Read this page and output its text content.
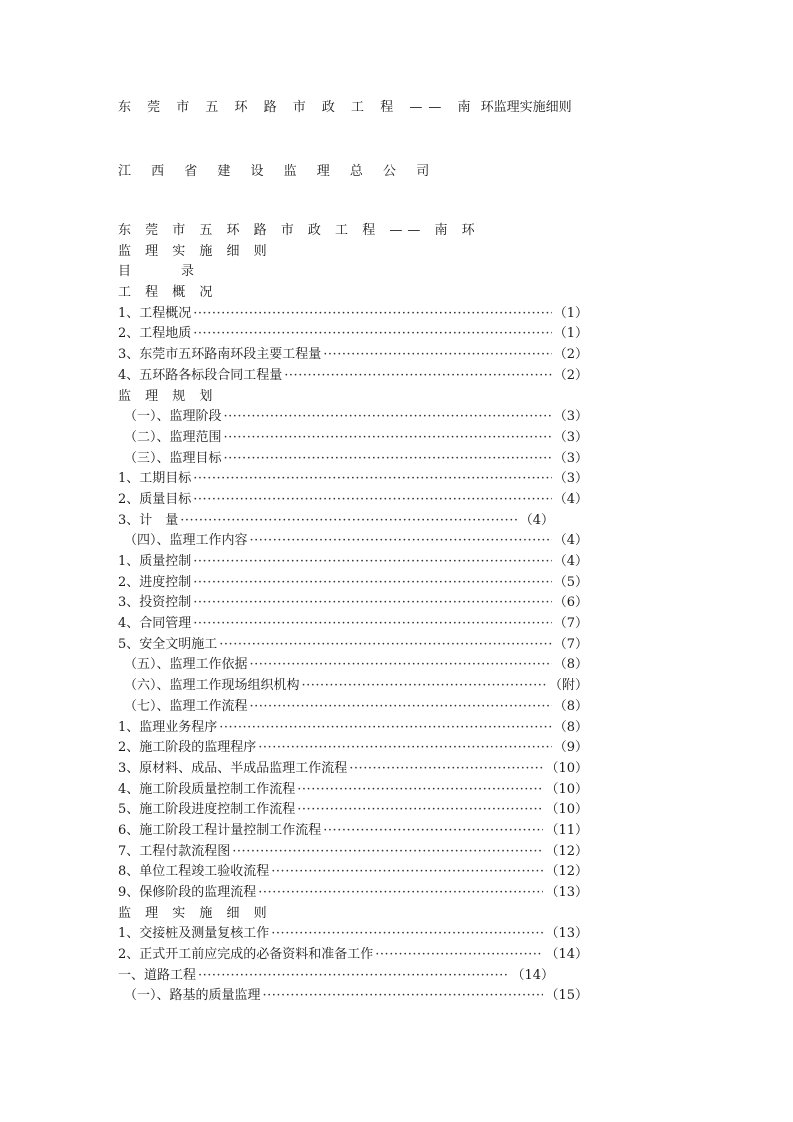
东 莞 市 五 环 路 市 政 工 程 —— 南 环监理实施细则
江 西 省 建 设 监 理 总 公 司
东 莞 市 五 环 路 市 政 工 程 —— 南 环
监 理 实 施 细 则
目	录
工 程 概 况
1、 工程概况 ·····	（1）
2、 工程地质 ·····	（1）
3、 东莞市五环路南环段主要工程量 ·····	（2）
4、 五环路各标段合同工程量 ·····	（2）
监 理 规 划
（一）、 监理阶段 ·····	（3）
（二）、 监理范围 ·····	（3）
（三）、 监理目标 ·····	（3）
1、 工期目标 ·····	（3）
2、 质量目标 ·····	（4）
3、 计　量 ·····	（4）
（四）、 监理工作内容 ·····	（4）
1、 质量控制 ·····	（4）
2、 进度控制 ·····	（5）
3、 投资控制 ·····	（6）
4、 合同管理 ·····	（7）
5、 安全文明施工 ·····	（7）
（五）、 监理工作依据 ·····	（8）
（六）、 监理工作现场组织机构 ·····	（附）
（七）、 监理工作流程 ·····	（8）
1、 监理业务程序 ·····	（8）
2、 施工阶段的监理程序 ·····	（9）
3、 原材料、成品、半成品监理工作流程 ·····	（10）
4、 施工阶段质量控制工作流程 ·····	（10）
5、 施工阶段进度控制工作流程 ·····	（10）
6、 施工阶段工程计量控制工作流程 ·····	（11）
7、 工程付款流程图 ·····	（12）
8、 单位工程竣工验收流程 ·····	（12）
9、 保修阶段的监理流程 ·····	（13）
监 理 实 施 细 则
1、 交接桩及测量复核工作 ·····	（13）
2、 正式开工前应完成的必备资料和准备工作 ·····	（14）
一、 道路工程 ·····	（14）
（一）、 路基的质量监理 ·····	（15）
